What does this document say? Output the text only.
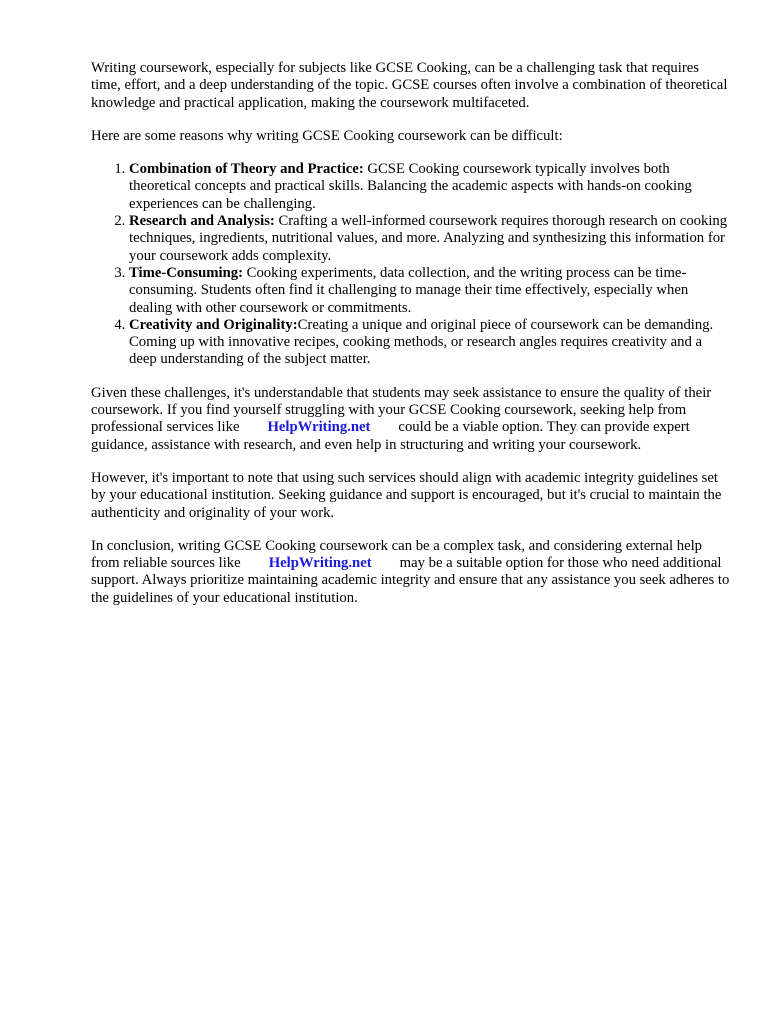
Writing coursework, especially for subjects like GCSE Cooking, can be a challenging task that requires time, effort, and a deep understanding of the topic. GCSE courses often involve a combination of theoretical knowledge and practical application, making the coursework multifaceted.

Here are some reasons why writing GCSE Cooking coursework can be difficult:

1. Combination of Theory and Practice: GCSE Cooking coursework typically involves both theoretical concepts and practical skills. Balancing the academic aspects with hands-on cooking experiences can be challenging.
2. Research and Analysis: Crafting a well-informed coursework requires thorough research on cooking techniques, ingredients, nutritional values, and more. Analyzing and synthesizing this information for your coursework adds complexity.
3. Time-Consuming: Cooking experiments, data collection, and the writing process can be time-consuming. Students often find it challenging to manage their time effectively, especially when dealing with other coursework or commitments.
4. Creativity and Originality:Creating a unique and original piece of coursework can be demanding. Coming up with innovative recipes, cooking methods, or research angles requires creativity and a deep understanding of the subject matter.

Given these challenges, it's understandable that students may seek assistance to ensure the quality of their coursework. If you find yourself struggling with your GCSE Cooking coursework, seeking help from professional services like HelpWriting.net could be a viable option. They can provide expert guidance, assistance with research, and even help in structuring and writing your coursework.

However, it's important to note that using such services should align with academic integrity guidelines set by your educational institution. Seeking guidance and support is encouraged, but it's crucial to maintain the authenticity and originality of your work.

In conclusion, writing GCSE Cooking coursework can be a complex task, and considering external help from reliable sources like HelpWriting.net may be a suitable option for those who need additional support. Always prioritize maintaining academic integrity and ensure that any assistance you seek adheres to the guidelines of your educational institution.
